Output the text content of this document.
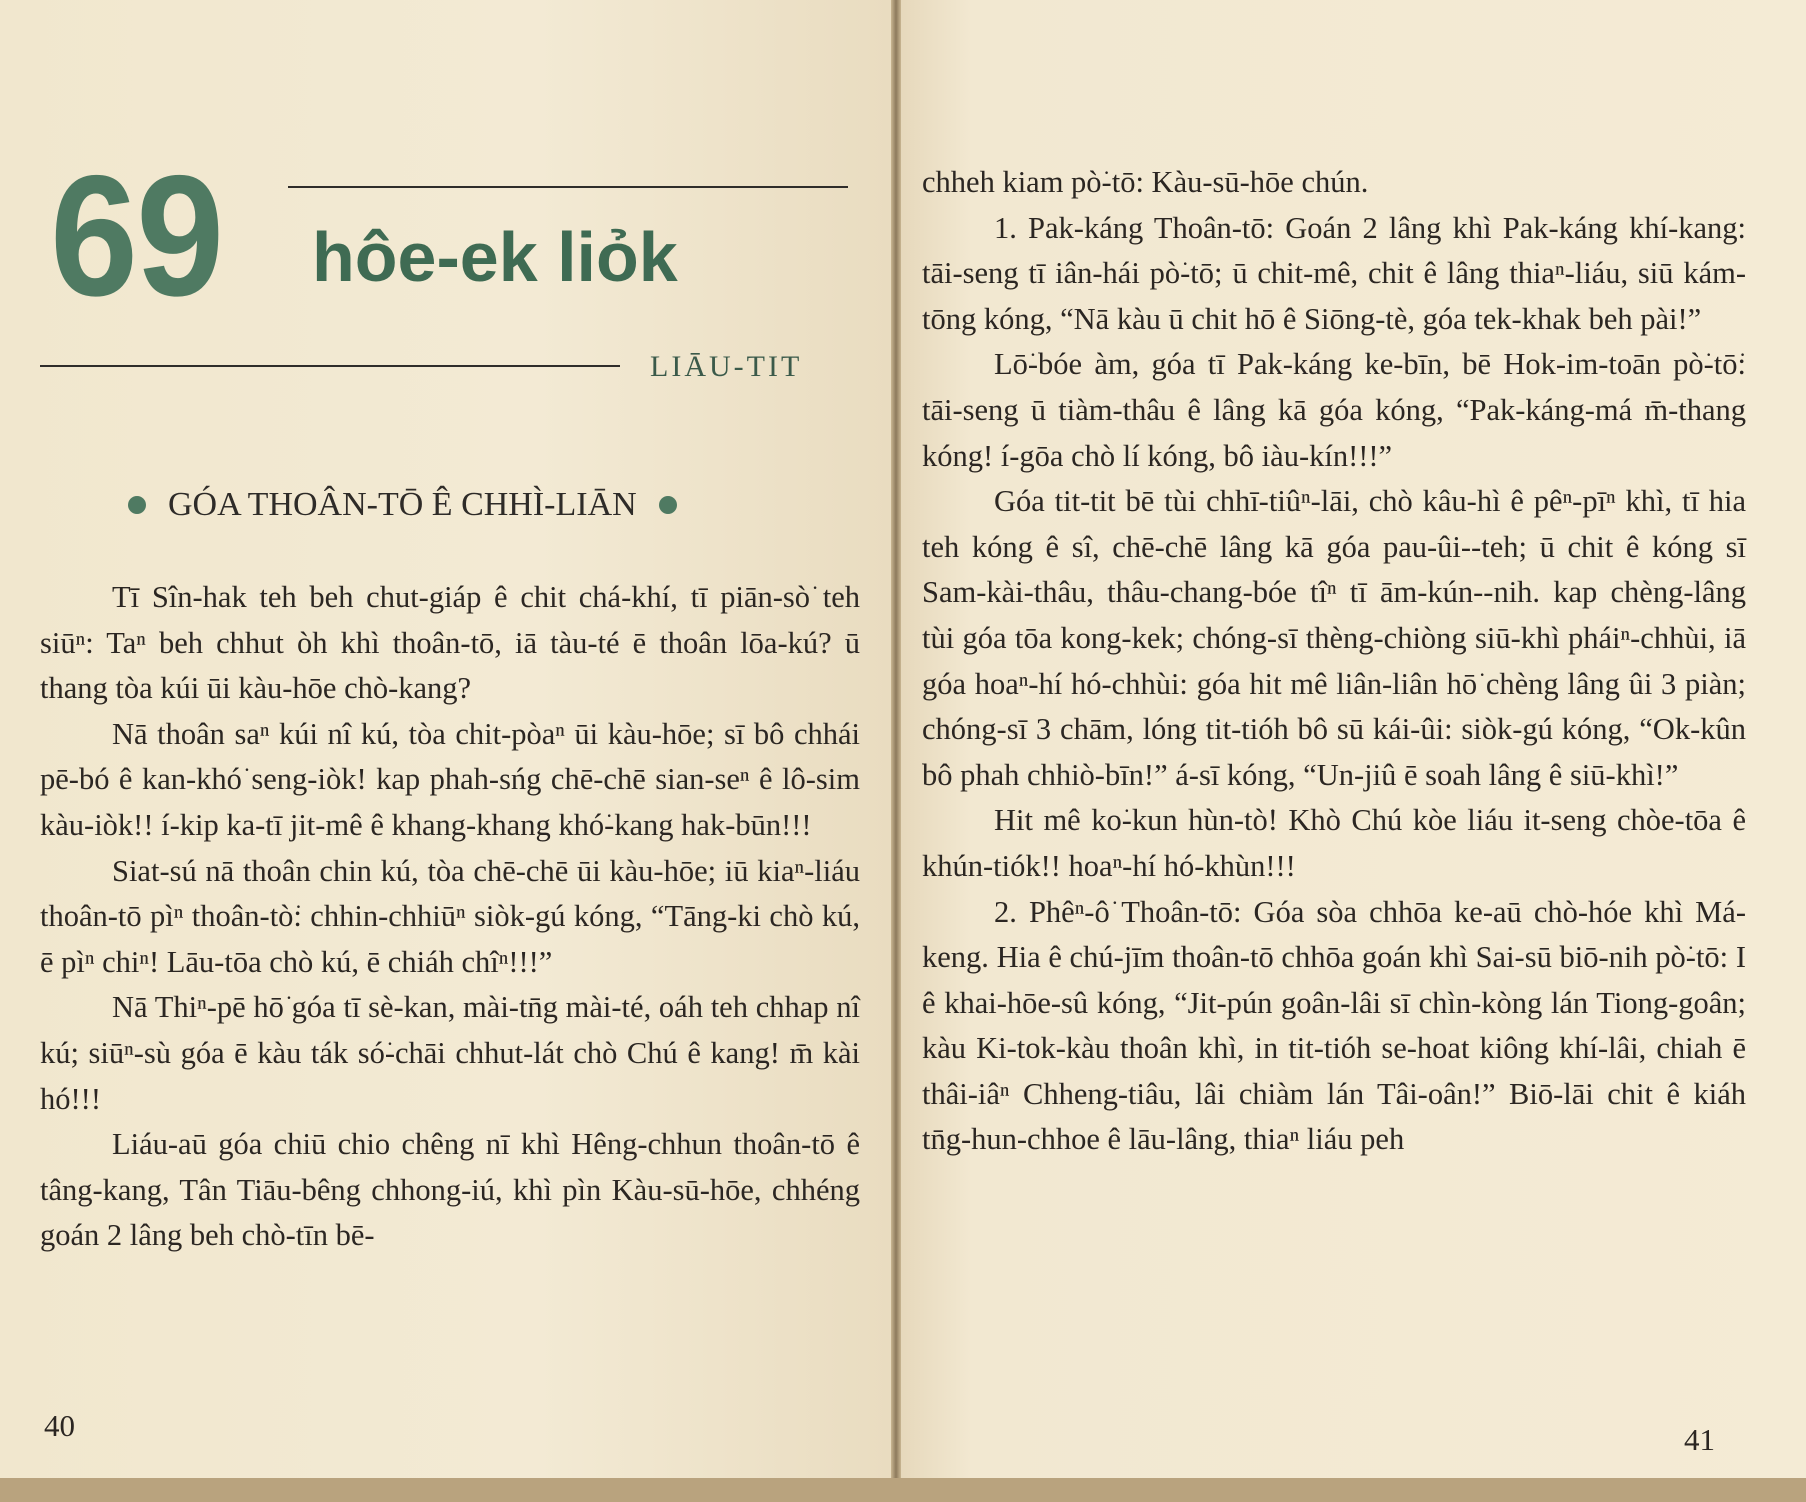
69 hôe-ek liỏk
LIĀU-TIT
GÓA THOÂN-TŌ Ê CHHÌ-LIĀN

Tī Sîn-hak teh beh chut-giáp ê chit chá-khí, tī piān-sò͘ teh siūⁿ: Taⁿ beh chhut òh khì thoân-tō, iā tàu-té ē thoân lōa-kú? ū thang tòa kúi ūi kàu-hōe chò-kang?

Nā thoân saⁿ kúi nî kú, tòa chit-pòaⁿ ūi kàu-hōe; sī bô chhái pē-bó ê kan-khó͘ seng-iòk! kap phah-sńg chē-chē sian-seⁿ ê lô-sim kàu-iòk!! í-kip ka-tī jit-mê ê khang-khang khó͘-kang hak-būn!!!

Siat-sú nā thoân chin kú, tòa chē-chē ūi kàu-hōe; iū kiaⁿ-liáu thoân-tō pìⁿ thoân-tò͘: chhin-chhiūⁿ siòk-gú kóng, “Tāng-ki chò kú, ē pìⁿ chiⁿ! Lāu-tōa chò kú, ē chiáh chîⁿ!!!”

Nā Thiⁿ-pē hō͘ góa tī sè-kan, mài-tn̄g mài-té, oáh teh chhap nî kú; siūⁿ-sù góa ē kàu ták só͘-chāi chhut-lát chò Chú ê kang! m̄ kài hó!!!

Liáu-aū góa chiū chio chêng nī khì Hêng-chhun thoân-tō ê tâng-kang, Tân Tiāu-bêng chhong-iú, khì pìn Kàu-sū-hōe, chhéng goán 2 lâng beh chò-tīn bē-

40

chheh kiam pò͘-tō: Kàu-sū-hōe chún.

1. Pak-káng Thoân-tō: Goán 2 lâng khì Pak-káng khí-kang: tāi-seng tī iân-hái pò͘-tō; ū chit-mê, chit ê lâng thiaⁿ-liáu, siū kám-tōng kóng, “Nā kàu ū chit hō ê Siōng-tè, góa tek-khak beh pài!”

Lō͘-bóe àm, góa tī Pak-káng ke-bīn, bē Hok-im-toān pò͘-tō͘: tāi-seng ū tiàm-thâu ê lâng kā góa kóng, “Pak-káng-má m̄-thang kóng! í-gōa chò lí kóng, bô iàu-kín!!!”

Góa tit-tit bē tùi chhī-tiûⁿ-lāi, chò kâu-hì ê pêⁿ-pīⁿ khì, tī hia teh kóng ê sî, chē-chē lâng kā góa pau-ûi--teh; ū chit ê kóng sī Sam-kài-thâu, thâu-chang-bóe tîⁿ tī ām-kún--nih. kap chèng-lâng tùi góa tōa kong-kek; chóng-sī thèng-chiòng siū-khì pháiⁿ-chhùi, iā góa hoaⁿ-hí hó-chhùi: góa hit mê liân-liân hō͘ chèng lâng ûi 3 piàn; chóng-sī 3 chām, lóng tit-tióh bô sū kái-ûi: siòk-gú kóng, “Ok-kûn bô phah chhiò-bīn!” á-sī kóng, “Un-jiû ē soah lâng ê siū-khì!”

Hit mê ko͘-kun hùn-tò͘! Khò Chú kòe liáu it-seng chòe-tōa ê khún-tiók!! hoaⁿ-hí hó-khùn!!!

2. Phêⁿ-ô͘ Thoân-tō: Góa sòa chhōa ke-aū chò-hóe khì Má-keng. Hia ê chú-jīm thoân-tō chhōa goán khì Sai-sū biō-nih pò͘-tō: I ê khai-hōe-sû kóng, “Jit-pún goân-lâi sī chìn-kòng lán Tiong-goân; kàu Ki-tok-kàu thoân khì, in tit-tióh se-hoat kiông khí-lâi, chiah ē thâi-iâⁿ Chheng-tiâu, lâi chiàm lán Tâi-oân!” Biō-lāi chit ê kiáh tn̄g-hun-chhoe ê lāu-lâng, thiaⁿ liáu peh

41
